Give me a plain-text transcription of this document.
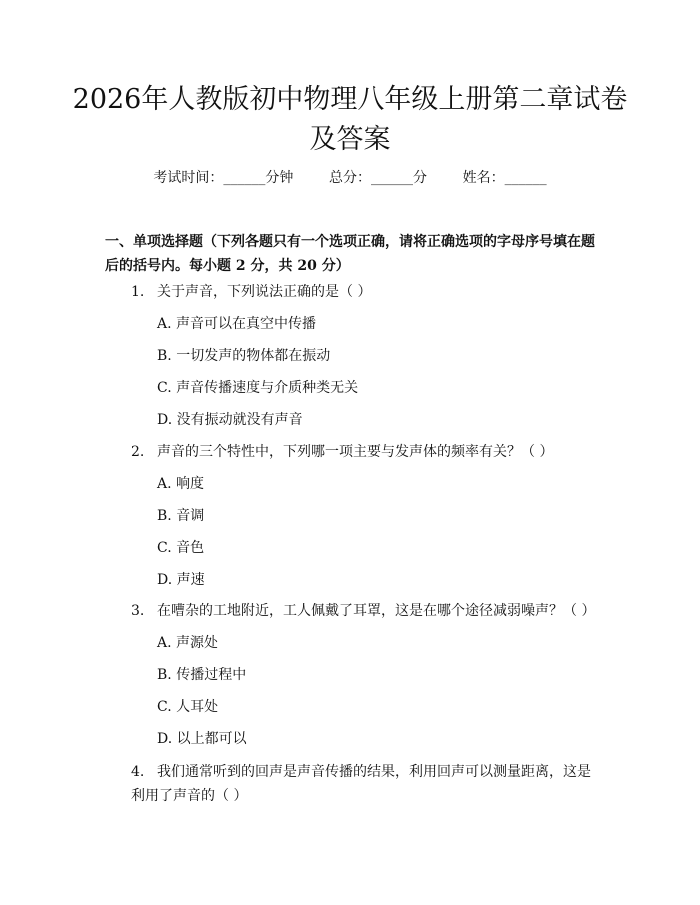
2026年人教版初中物理八年级上册第二章试卷及答案
考试时间：______分钟        总分：______分        姓名：______
一、单项选择题（下列各题只有一个选项正确，请将正确选项的字母序号填在题后的括号内。每小题 2 分，共 20 分）
1. 关于声音，下列说法正确的是（ ）
A. 声音可以在真空中传播
B. 一切发声的物体都在振动
C. 声音传播速度与介质种类无关
D. 没有振动就没有声音
2. 声音的三个特性中，下列哪一项主要与发声体的频率有关？（ ）
A. 响度
B. 音调
C. 音色
D. 声速
3. 在嘈杂的工地附近，工人佩戴了耳罩，这是在哪个途径减弱噪声？（ ）
A. 声源处
B. 传播过程中
C. 人耳处
D. 以上都可以
4. 我们通常听到的回声是声音传播的结果，利用回声可以测量距离，这是利用了声音的（ ）
